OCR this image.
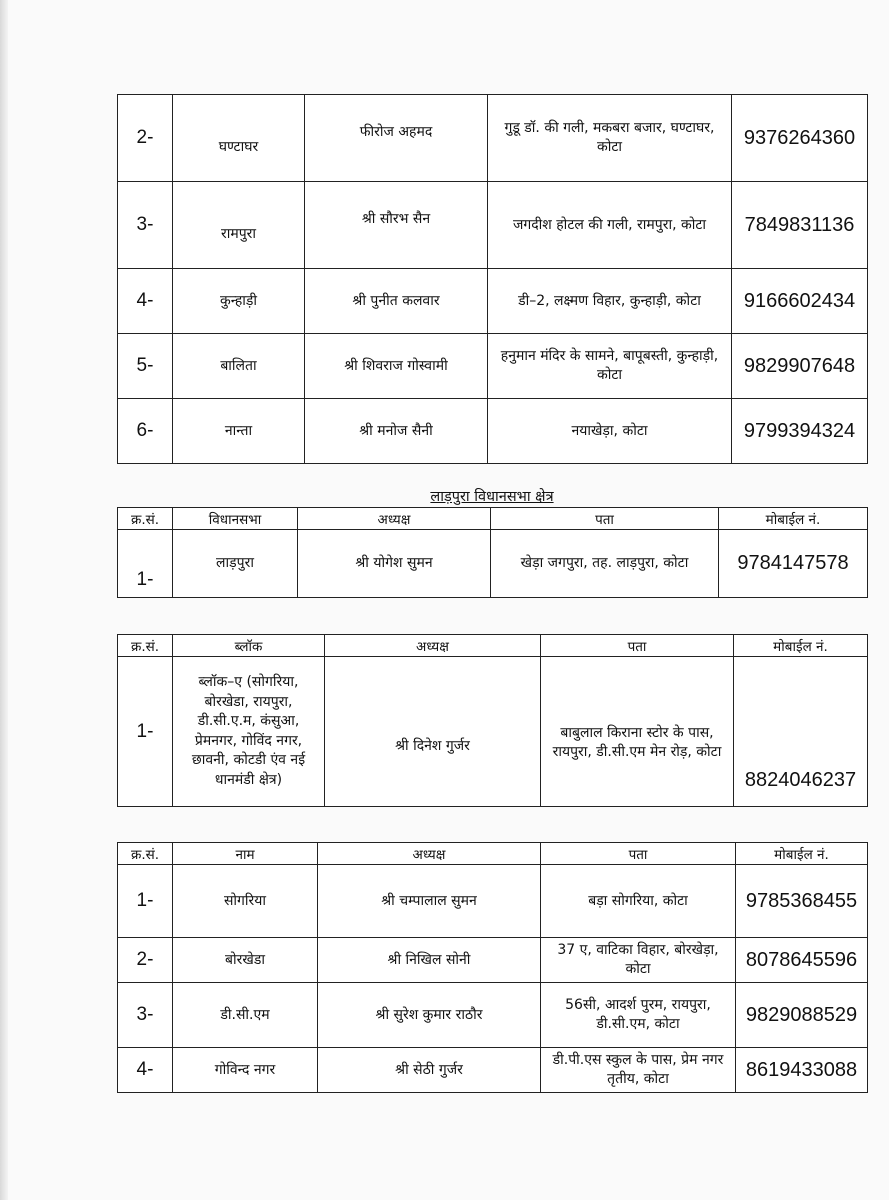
2-	घण्टाघर	फीरोज अहमद	गुडू डॉ. की गली, मकबरा बजार, घण्टाघर, कोटा	9376264360
3-	रामपुरा	श्री सौरभ सैन	जगदीश होटल की गली, रामपुरा, कोटा	7849831136
4-	कुन्हाड़ी	श्री पुनीत कलवार	डी–2, लक्ष्मण विहार, कुन्हाड़ी, कोटा	9166602434
5-	बालिता	श्री शिवराज गोस्वामी	हनुमान मंदिर के सामने, बापूबस्ती, कुन्हाड़ी, कोटा	9829907648
6-	नान्ता	श्री मनोज सैनी	नयाखेड़ा, कोटा	9799394324
लाड़पुरा विधानसभा क्षेत्र
क्र.सं.	विधानसभा	अध्यक्ष	पता	मोबाईल नं.
1-	लाड़पुरा	श्री योगेश सुमन	खेड़ा जगपुरा, तह. लाड़पुरा, कोटा	9784147578
क्र.सं.	ब्लॉक	अध्यक्ष	पता	मोबाईल नं.
1-	ब्लॉक–ए (सोगरिया, बोरखेडा, रायपुरा, डी.सी.ए.म, कंसुआ, प्रेमनगर, गोविंद नगर, छावनी, कोटडी एंव नई धानमंडी क्षेत्र)	श्री दिनेश गुर्जर	बाबुलाल किराना स्टोर के पास, रायपुरा, डी.सी.एम मेन रोड़, कोटा	8824046237
क्र.सं.	नाम	अध्यक्ष	पता	मोबाईल नं.
1-	सोगरिया	श्री चम्पालाल सुमन	बड़ा सोगरिया, कोटा	9785368455
2-	बोरखेडा	श्री निखिल सोनी	37 ए, वाटिका विहार, बोरखेड़ा, कोटा	8078645596
3-	डी.सी.एम	श्री सुरेश कुमार राठौर	56सी, आदर्श पुरम, रायपुरा, डी.सी.एम, कोटा	9829088529
4-	गोविन्द नगर	श्री सेठी गुर्जर	डी.पी.एस स्कुल के पास, प्रेम नगर तृतीय, कोटा	8619433088
